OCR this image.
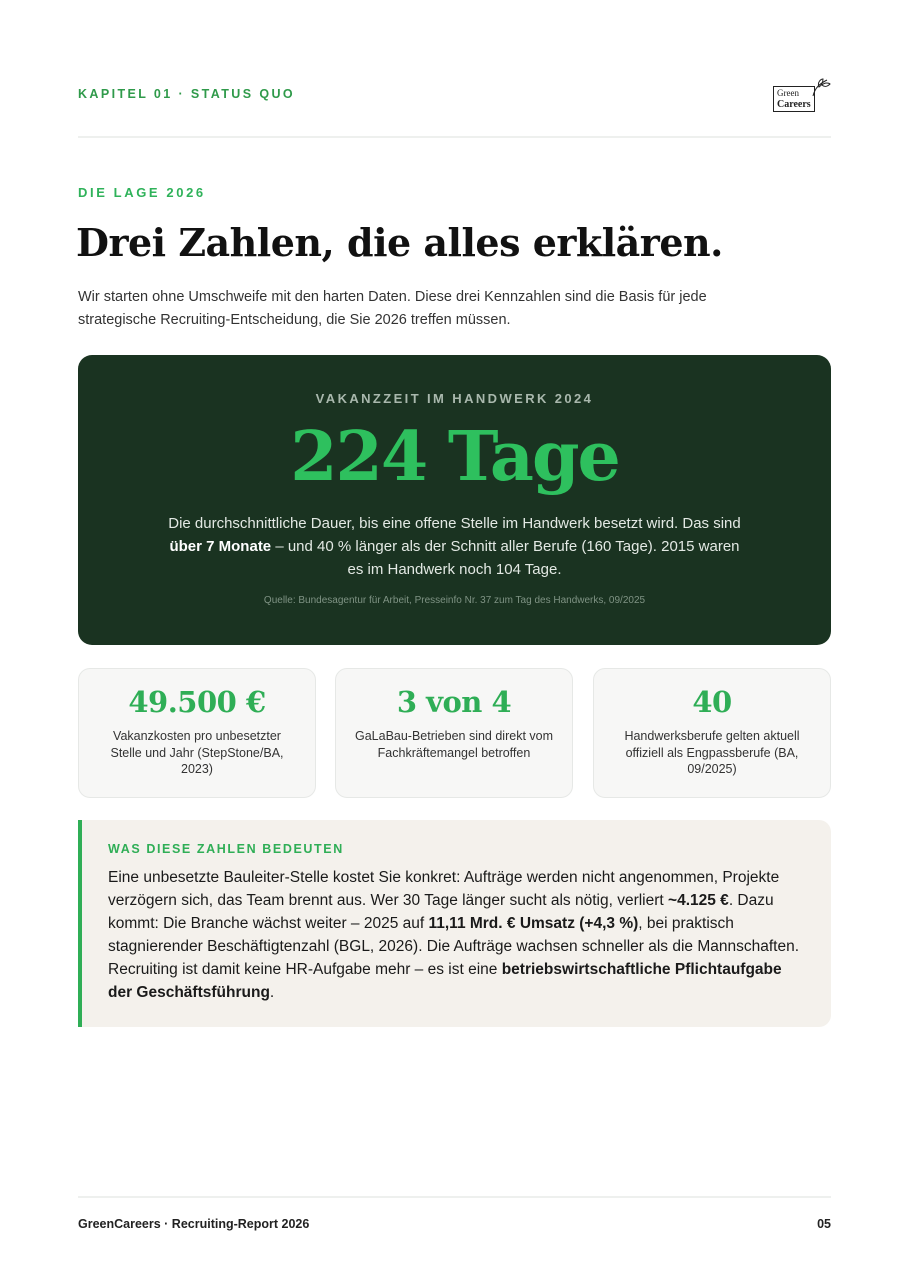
KAPITEL 01 · STATUS QUO	Green
Careers
DIE LAGE 2026
Drei Zahlen, die alles erklären.
Wir starten ohne Umschweife mit den harten Daten. Diese drei Kennzahlen sind die Basis für jede strategische Recruiting-Entscheidung, die Sie 2026 treffen müssen.
VAKANZZEIT IM HANDWERK 2024
224 Tage
Die durchschnittliche Dauer, bis eine offene Stelle im Handwerk besetzt wird. Das sind über 7 Monate – und 40 % länger als der Schnitt aller Berufe (160 Tage). 2015 waren es im Handwerk noch 104 Tage.
Quelle: Bundesagentur für Arbeit, Presseinfo Nr. 37 zum Tag des Handwerks, 09/2025
49.500 €
Vakanzkosten pro unbesetzter Stelle und Jahr (StepStone/BA, 2023)
3 von 4
GaLaBau-Betrieben sind direkt vom Fachkräftemangel betroffen
40
Handwerksberufe gelten aktuell offiziell als Engpassberufe (BA, 09/2025)
WAS DIESE ZAHLEN BEDEUTEN
Eine unbesetzte Bauleiter-Stelle kostet Sie konkret: Aufträge werden nicht angenommen, Projekte verzögern sich, das Team brennt aus. Wer 30 Tage länger sucht als nötig, verliert ~4.125 €. Dazu kommt: Die Branche wächst weiter – 2025 auf 11,11 Mrd. € Umsatz (+4,3 %), bei praktisch stagnierender Beschäftigtenzahl (BGL, 2026). Die Aufträge wachsen schneller als die Mannschaften. Recruiting ist damit keine HR-Aufgabe mehr – es ist eine betriebswirtschaftliche Pflichtaufgabe der Geschäftsführung.
GreenCareers · Recruiting-Report 2026	05
